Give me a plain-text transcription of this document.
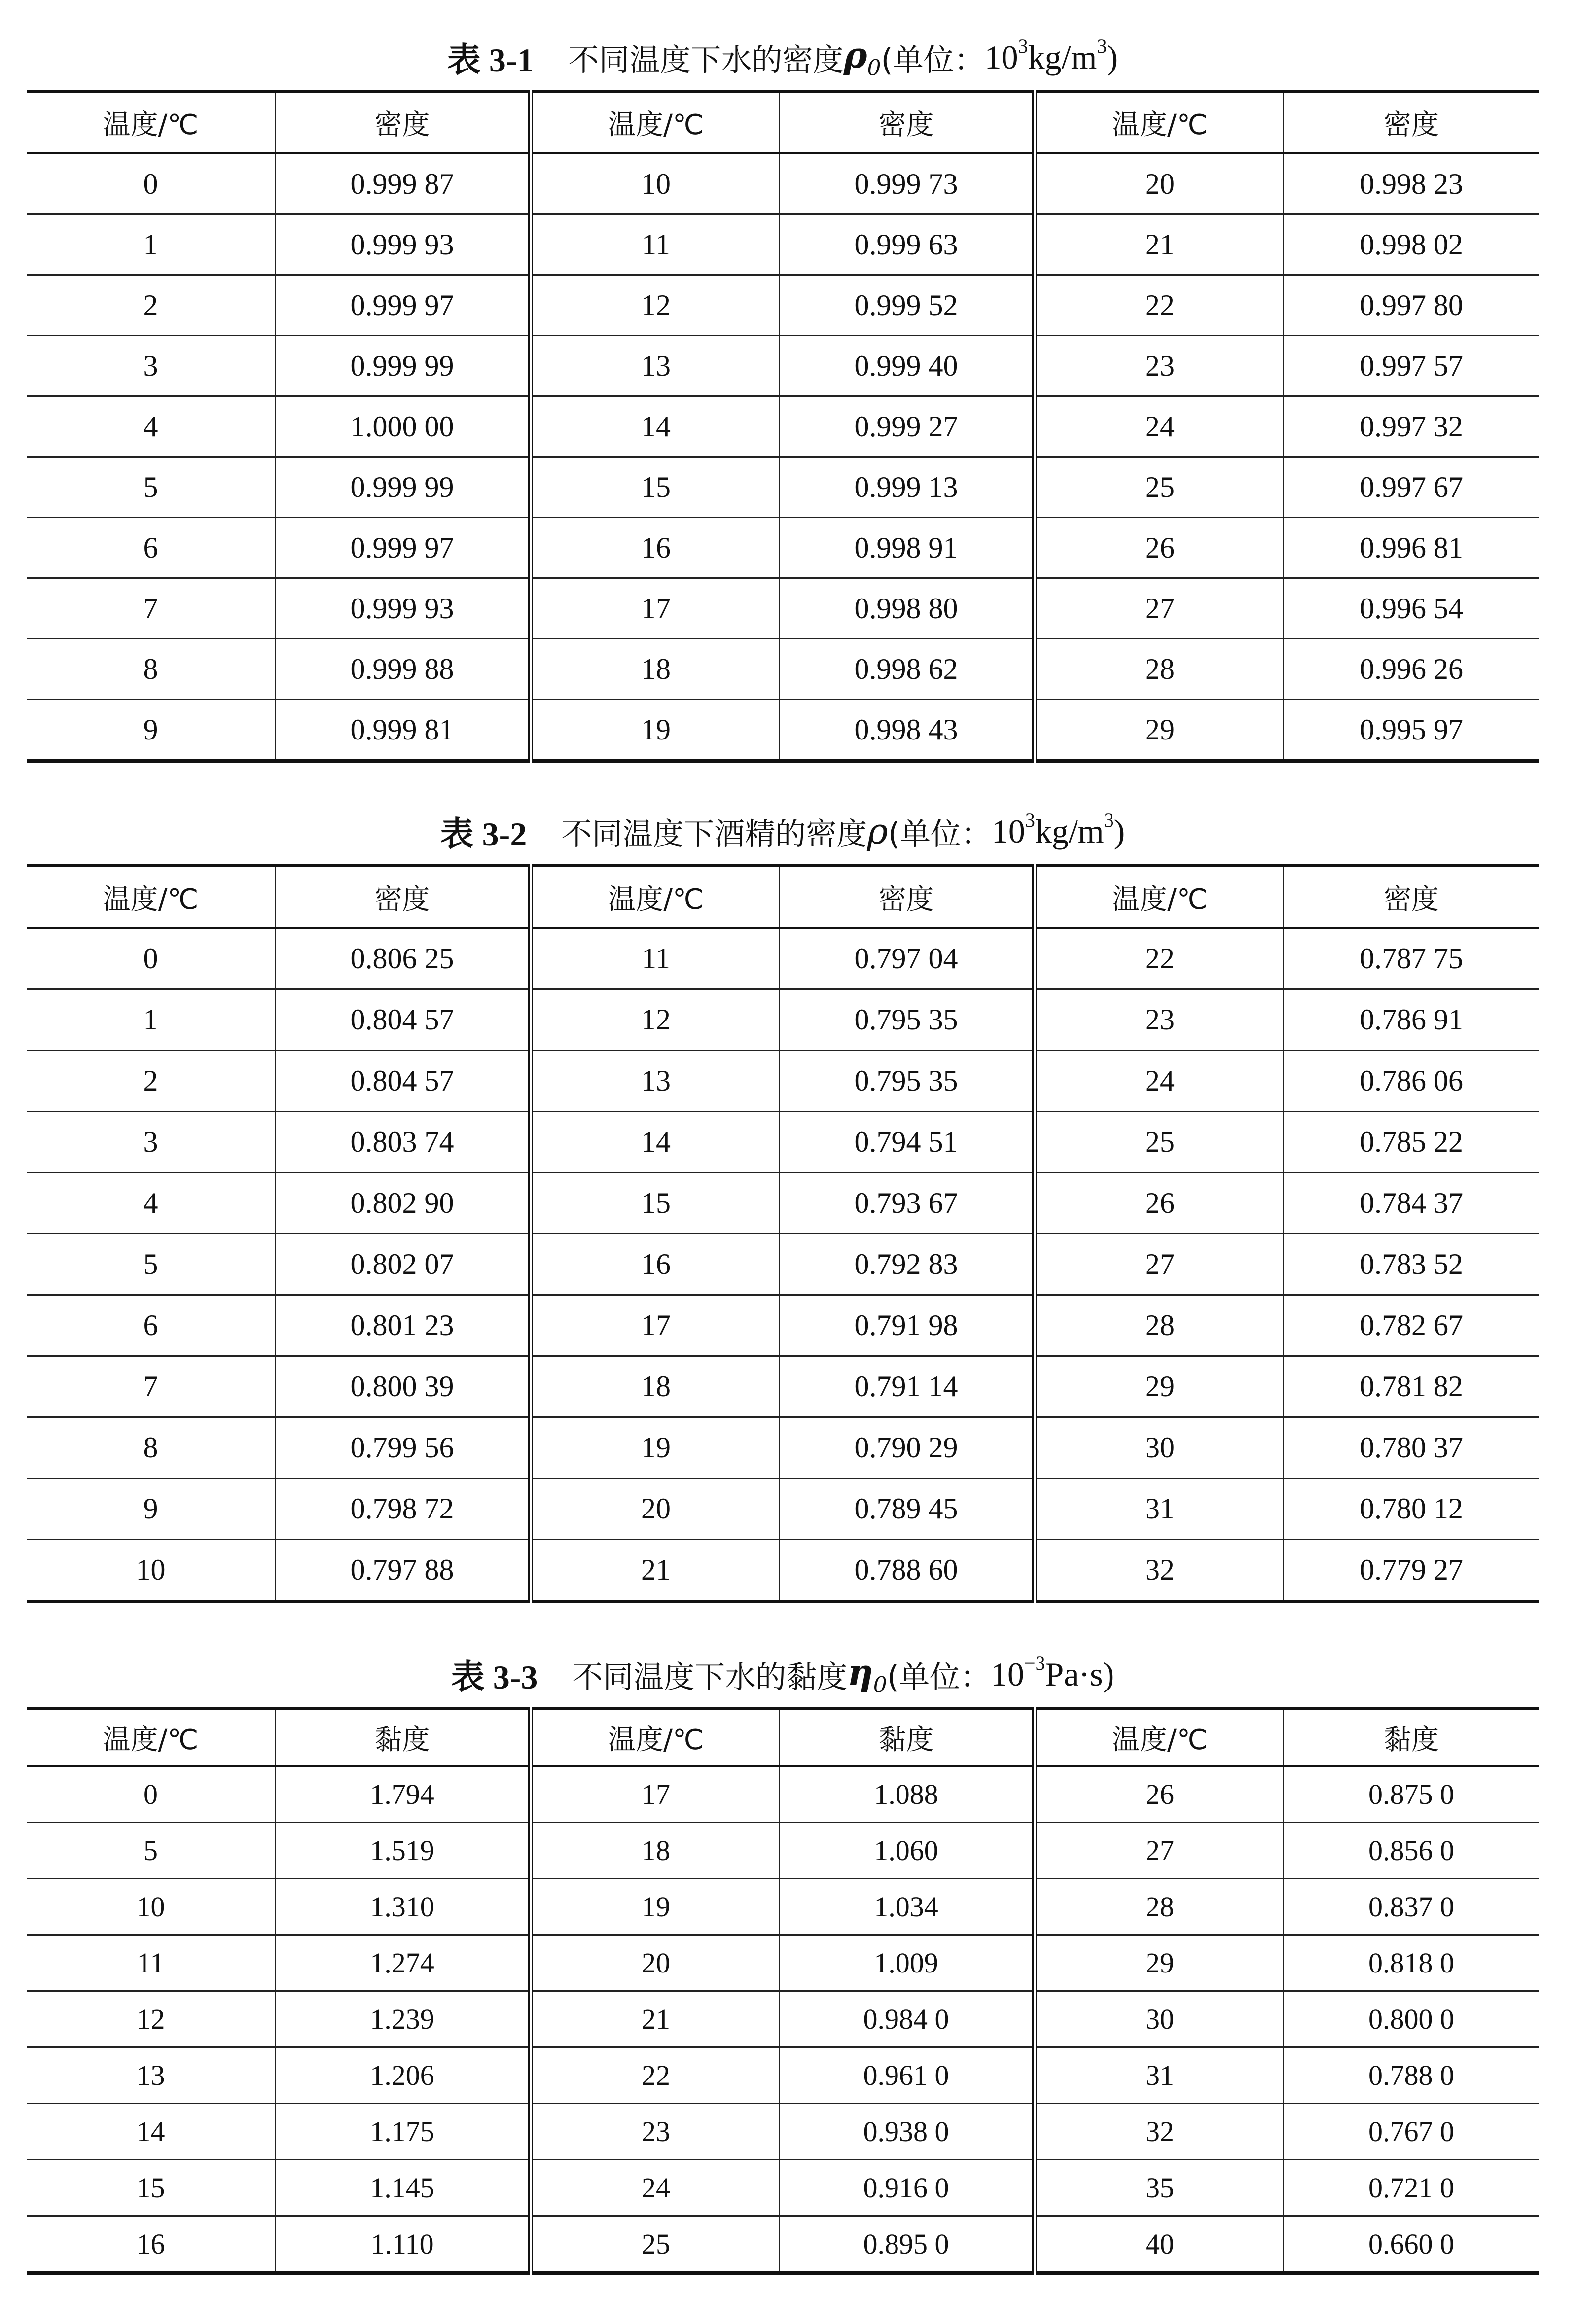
表 3-1 不同温度下水的密度 $\rho_0$ (单位： $10^3kg/m^3$)
温度/℃	密度	温度/℃	密度	温度/℃	密度
0	0.999 87	10	0.999 73	20	0.998 23
1	0.999 93	11	0.999 63	21	0.998 02
2	0.999 97	12	0.999 52	22	0.997 80
3	0.999 99	13	0.999 40	23	0.997 57
4	1.000 00	14	0.999 27	24	0.997 32
5	0.999 99	15	0.999 13	25	0.997 67
6	0.999 97	16	0.998 91	26	0.996 81
7	0.999 93	17	0.998 80	27	0.996 54
8	0.999 88	18	0.998 62	28	0.996 26
9	0.999 81	19	0.998 43	29	0.995 97
表 3-2 不同温度下酒精的密度 ρ (单位： $10^3kg/m^3$)
温度/℃	密度	温度/℃	密度	温度/℃	密度
0	0.806 25	11	0.797 04	22	0.787 75
1	0.804 57	12	0.795 35	23	0.786 91
2	0.804 57	13	0.795 35	24	0.786 06
3	0.803 74	14	0.794 51	25	0.785 22
4	0.802 90	15	0.793 67	26	0.784 37
5	0.802 07	16	0.792 83	27	0.783 52
6	0.801 23	17	0.791 98	28	0.782 67
7	0.800 39	18	0.791 14	29	0.781 82
8	0.799 56	19	0.790 29	30	0.780 37
9	0.798 72	20	0.789 45	31	0.780 12
10	0.797 88	21	0.788 60	32	0.779 27
表 3-3 不同温度下水的黏度 $\eta_0$ (单位： $10^{-3}Pa\cdot s$)
温度/℃	黏度	温度/℃	黏度	温度/℃	黏度
0	1.794	17	1.088	26	0.875 0
5	1.519	18	1.060	27	0.856 0
10	1.310	19	1.034	28	0.837 0
11	1.274	20	1.009	29	0.818 0
12	1.239	21	0.984 0	30	0.800 0
13	1.206	22	0.961 0	31	0.788 0
14	1.175	23	0.938 0	32	0.767 0
15	1.145	24	0.916 0	35	0.721 0
16	1.110	25	0.895 0	40	0.660 0
